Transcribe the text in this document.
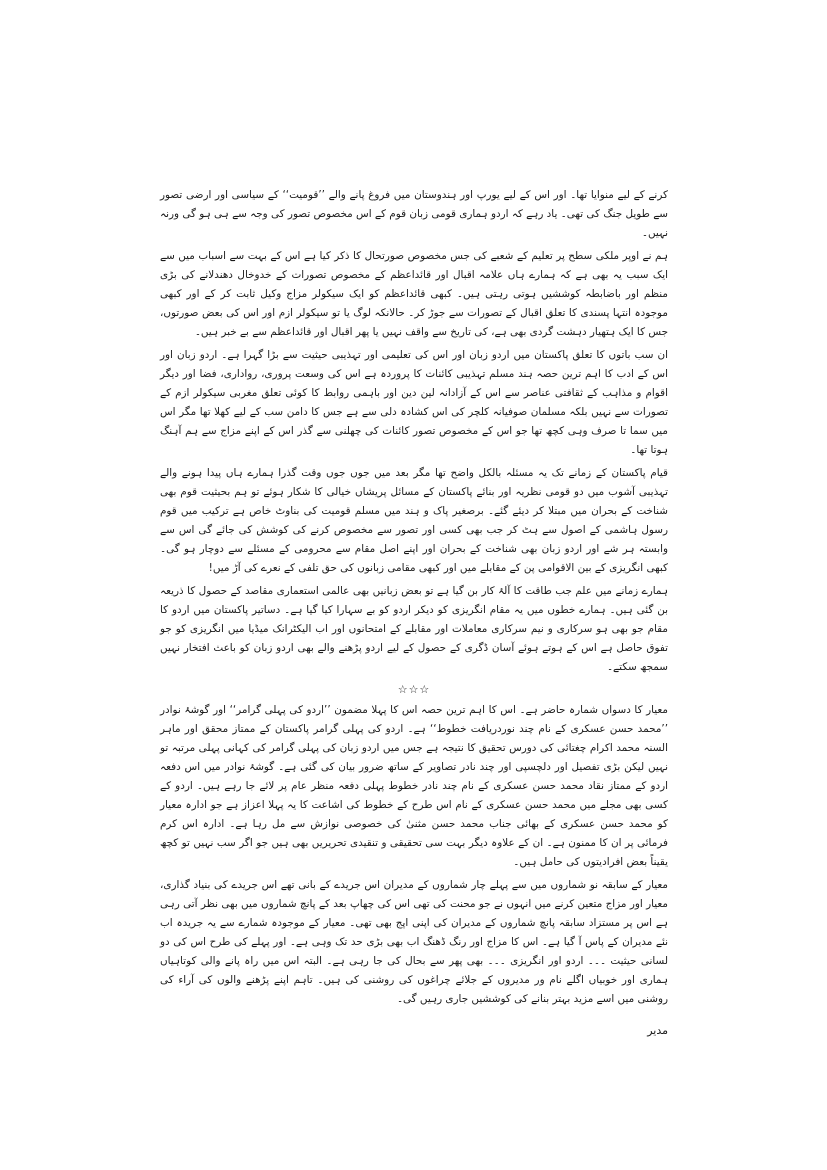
کرنے کے لیے منوایا تھا۔ اور اس کے لیے یورپ اور ہندوستان میں فروغ پانے والے ’’قومیت‘‘ کے سیاسی اور ارضی تصور سے طویل جنگ کی تھی۔ یاد رہے کہ اردو ہماری قومی زبان قوم کے اس مخصوص تصور کی وجہ سے ہی ہو گی ورنہ نہیں۔

ہم نے اوپر ملکی سطح پر تعلیم کے شعبے کی جس مخصوص صورتحال کا ذکر کیا ہے اس کے بہت سے اسباب میں سے ایک سبب یہ بھی ہے کہ ہمارے ہاں علامہ اقبال اور قائداعظم کے مخصوص تصورات کے خدوخال دھندلانے کی بڑی منظم اور باضابطہ کوششیں ہوتی رہتی ہیں۔ کبھی قائداعظم کو ایک سیکولر مزاج وکیل ثابت کر کے اور کبھی موجودہ انتہا پسندی کا تعلق اقبال کے تصورات سے جوڑ کر۔ حالانکہ لوگ یا تو سیکولر ازم اور اس کی بعض صورتوں، جس کا ایک ہتھیار دہشت گردی بھی ہے، کی تاریخ سے واقف نہیں یا پھر اقبال اور قائداعظم سے بے خبر ہیں۔

ان سب باتوں کا تعلق پاکستان میں اردو زبان اور اس کی تعلیمی اور تہذیبی حیثیت سے بڑا گہرا ہے۔ اردو زبان اور اس کے ادب کا اہم ترین حصہ ہند مسلم تہذیبی کائنات کا پروردہ ہے اس کی وسعت پروری، رواداری، فضا اور دیگر اقوام و مذاہب کے ثقافتی عناصر سے اس کے آزادانہ لین دین اور باہمی روابط کا کوئی تعلق مغربی سیکولر ازم کے تصورات سے نہیں بلکہ مسلمان صوفیانہ کلچر کی اس کشادہ دلی سے ہے جس کا دامن سب کے لیے کھلا تھا مگر اس میں سما تا صرف وہی کچھ تھا جو اس کے مخصوص تصور کائنات کی چھلنی سے گذر اس کے اپنے مزاج سے ہم آہنگ ہوتا تھا۔

قیام پاکستان کے زمانے تک یہ مسئلہ بالکل واضح تھا مگر بعد میں جوں جوں وقت گذرا ہمارے ہاں پیدا ہونے والے تہذیبی آشوب میں دو قومی نظریہ اور بنائے پاکستان کے مسائل پریشاں خیالی کا شکار ہوئے تو ہم بحیثیت قوم بھی شناخت کے بحران میں مبتلا کر دیئے گئے۔ برصغیر پاک و ہند میں مسلم قومیت کی بناوٹ خاص ہے ترکیب میں قوم رسول ہاشمی کے اصول سے ہٹ کر جب بھی کسی اور تصور سے مخصوص کرنے کی کوشش کی جائے گی اس سے وابستہ ہر شے اور اردو زبان بھی شناخت کے بحران اور اپنے اصل مقام سے محرومی کے مسئلے سے دوچار ہو گی۔ کبھی انگریزی کے بین الاقوامی پن کے مقابلے میں اور کبھی مقامی زبانوں کی حق تلفی کے نعرے کی آڑ میں!

ہمارے زمانے میں علم جب طاقت کا آلۂ کار بن گیا ہے تو بعض زبانیں بھی عالمی استعماری مقاصد کے حصول کا ذریعہ بن گئی ہیں۔ ہمارے خطوں میں یہ مقام انگریزی کو دیکر اردو کو بے سہارا کیا گیا ہے۔ دساتیر پاکستان میں اردو کا مقام جو بھی ہو سرکاری و نیم سرکاری معاملات اور مقابلے کے امتحانوں اور اب الیکٹرانک میڈیا میں انگریزی کو جو تفوق حاصل ہے اس کے ہوتے ہوئے آسان ڈگری کے حصول کے لیے اردو پڑھنے والے بھی اردو زبان کو باعث افتخار نہیں سمجھ سکتے۔

☆☆☆

معیار کا دسواں شمارہ حاضر ہے۔ اس کا اہم ترین حصہ اس کا پہلا مضمون ’’اردو کی پہلی گرامر‘‘ اور گوشۂ نوادر ’’محمد حسن عسکری کے نام چند نوردریافت خطوط‘‘ ہے۔ اردو کی پہلی گرامر پاکستان کے ممتاز محقق اور ماہر السنہ محمد اکرام چغتائی کی دورس تحقیق کا نتیجہ ہے جس میں اردو زبان کی پہلی گرامر کی کہانی پہلی مرتبہ تو نہیں لیکن بڑی تفصیل اور دلچسپی اور چند نادر تصاویر کے ساتھ ضرور بیان کی گئی ہے۔ گوشۂ نوادر میں اس دفعہ اردو کے ممتاز نقاد محمد حسن عسکری کے نام چند نادر خطوط پہلی دفعہ منظر عام پر لائے جا رہے ہیں۔ اردو کے کسی بھی مجلے میں محمد حسن عسکری کے نام اس طرح کے خطوط کی اشاعت کا یہ پہلا اعزاز ہے جو ادارہ معیار کو محمد حسن عسکری کے بھائی جناب محمد حسن مثنیٰ کی خصوصی نوازش سے مل رہا ہے۔ ادارہ اس کرم فرمائی پر ان کا ممنون ہے۔ ان کے علاوہ دیگر بہت سی تحقیقی و تنقیدی تحریریں بھی ہیں جو اگر سب نہیں تو کچھ یقیناً بعض افرادیتوں کی حامل ہیں۔

معیار کے سابقہ نو شماروں میں سے پہلے چار شماروں کے مدیران اس جریدے کے بانی تھے اس جریدے کی بنیاد گذاری، معیار اور مزاج متعین کرنے میں انہوں نے جو محنت کی تھی اس کی چھاپ بعد کے پانچ شماروں میں بھی نظر آتی رہی ہے اس پر مستزاد سابقہ پانچ شماروں کے مدیران کی اپنی اپج بھی تھی۔ معیار کے موجودہ شمارے سے یہ جریدہ اب نئے مدیران کے پاس آ گیا ہے۔ اس کا مزاج اور رنگ ڈھنگ اب بھی بڑی حد تک وہی ہے۔ اور پہلے کی طرح اس کی دو لسانی حیثیت ۔۔۔ اردو اور انگریزی ۔۔۔ بھی پھر سے بحال کی جا رہی ہے۔ البتہ اس میں راہ پانے والی کوتاہیاں ہماری اور خوبیاں اگلے نام ور مدیروں کے جلائے چراغوں کی روشنی کی ہیں۔ تاہم اپنے پڑھنے والوں کی آراء کی روشنی میں اسے مزید بہتر بنانے کی کوششیں جاری رہیں گی۔

مدیر
